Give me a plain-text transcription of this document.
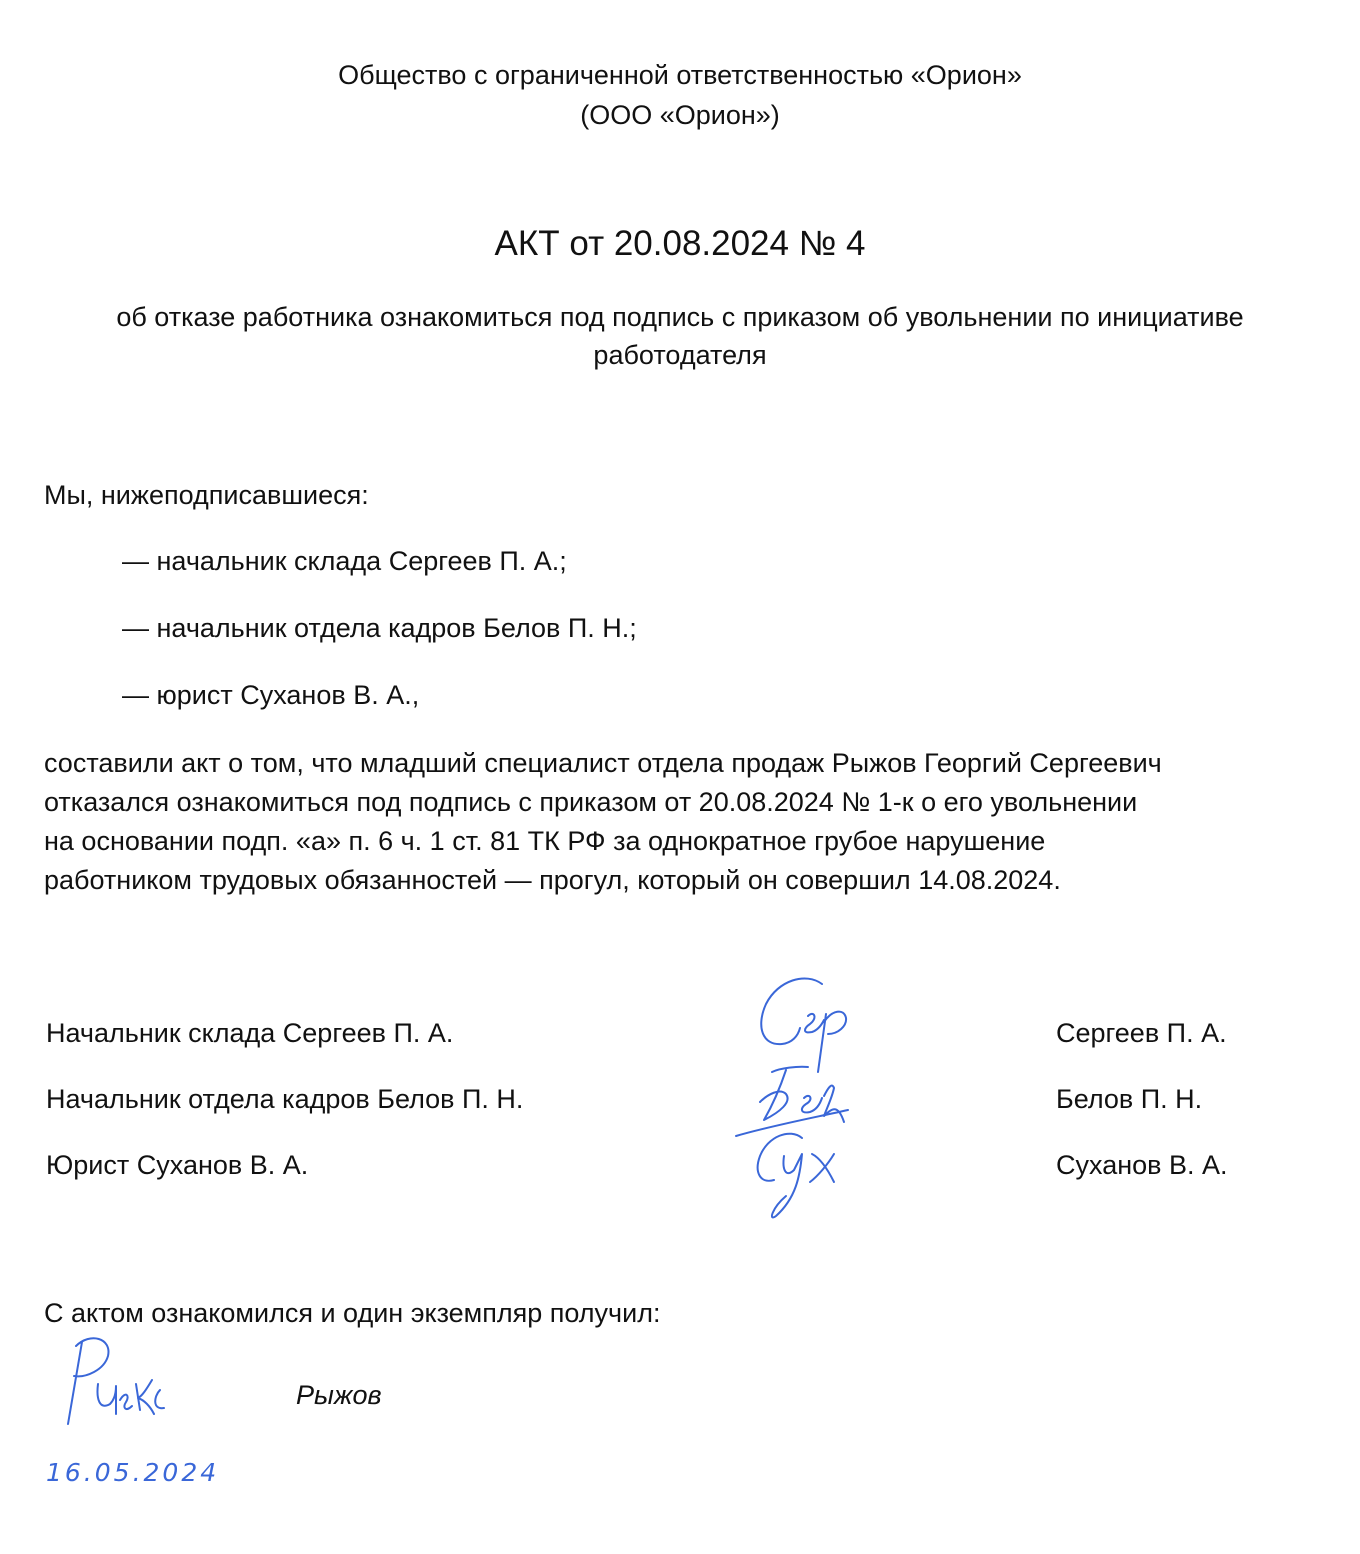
Общество с ограниченной ответственностью «Орион»
(ООО «Орион»)
АКТ от 20.08.2024 № 4
об отказе работника ознакомиться под подпись с приказом об увольнении по инициативе
работодателя
Мы, нижеподписавшиеся:
— начальник склада Сергеев П. А.;
— начальник отдела кадров Белов П. Н.;
— юрист Суханов В. А.,
составили акт о том, что младший специалист отдела продаж Рыжов Георгий Сергеевич
отказался ознакомиться под подпись с приказом от 20.08.2024 № 1-к о его увольнении
на основании подп. «а» п. 6 ч. 1 ст. 81 ТК РФ за однократное грубое нарушение
работником трудовых обязанностей — прогул, который он совершил 14.08.2024.
Начальник склада Сергеев П. А.
Начальник отдела кадров Белов П. Н.
Юрист Суханов В. А.
Сергеев П. А.
Белов П. Н.
Суханов В. А.
С актом ознакомился и один экземпляр получил:
Рыжов
16.05.2024
